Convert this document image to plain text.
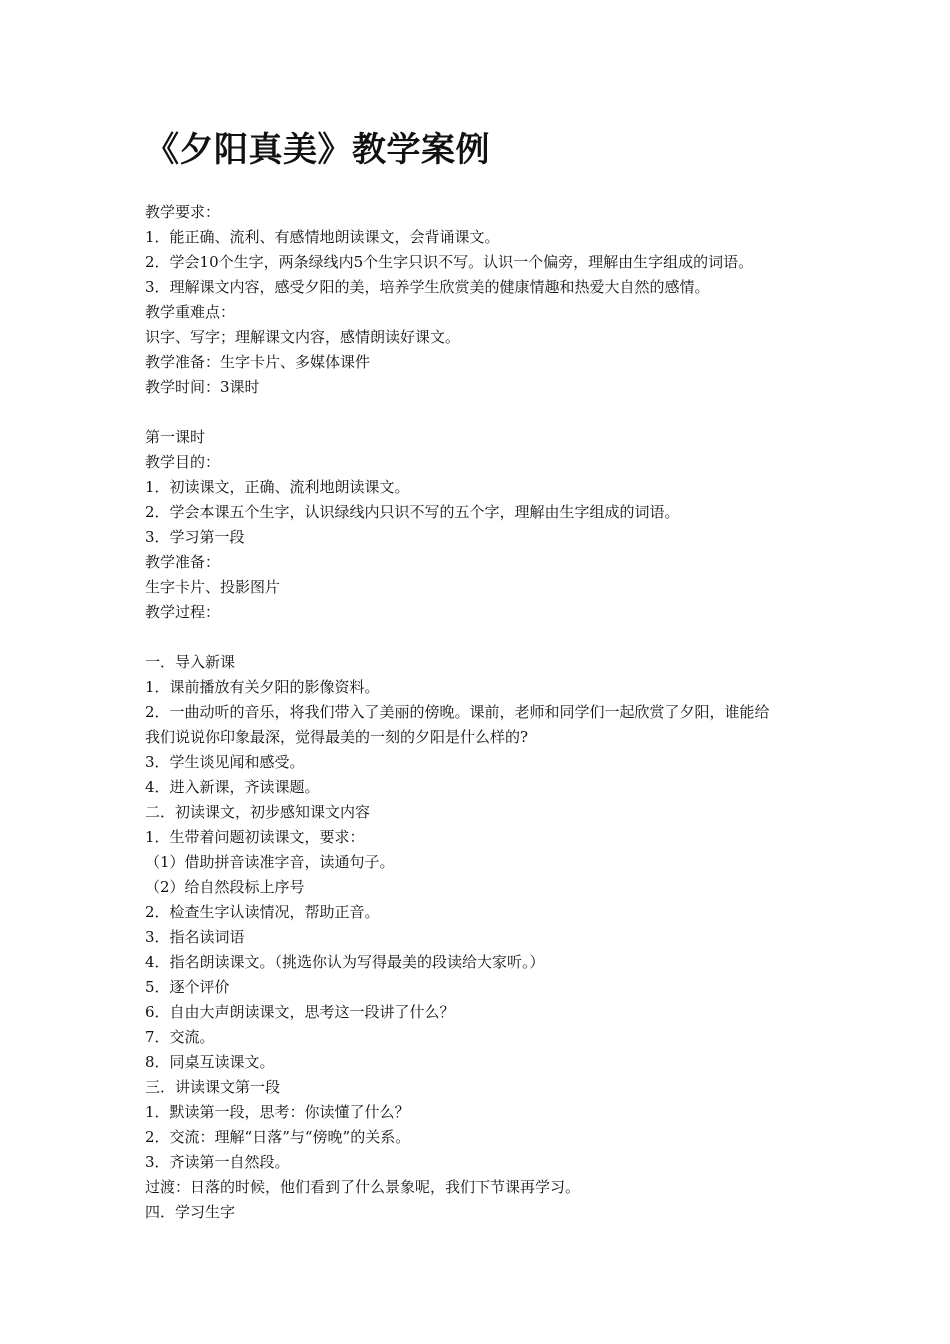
《夕阳真美》教学案例
教学要求：
1．能正确、流利、有感情地朗读课文，会背诵课文。
2．学会10个生字，两条绿线内5个生字只识不写。认识一个偏旁，理解由生字组成的词语。
3．理解课文内容，感受夕阳的美，培养学生欣赏美的健康情趣和热爱大自然的感情。
教学重难点：
识字、写字；理解课文内容，感情朗读好课文。
教学准备：生字卡片、多媒体课件
教学时间：3课时
第一课时
教学目的：
1．初读课文，正确、流利地朗读课文。
2．学会本课五个生字，认识绿线内只识不写的五个字，理解由生字组成的词语。
3．学习第一段
教学准备：
生字卡片、投影图片
教学过程：
一．导入新课
1．课前播放有关夕阳的影像资料。
2．一曲动听的音乐，将我们带入了美丽的傍晚。课前，老师和同学们一起欣赏了夕阳，谁能给
我们说说你印象最深，觉得最美的一刻的夕阳是什么样的?
3．学生谈见闻和感受。
4．进入新课，齐读课题。
二．初读课文，初步感知课文内容
1．生带着问题初读课文，要求：
（1）借助拼音读准字音，读通句子。
（2）给自然段标上序号
2．检查生字认读情况，帮助正音。
3．指名读词语
4．指名朗读课文。（挑选你认为写得最美的段读给大家听。）
5．逐个评价
6．自由大声朗读课文，思考这一段讲了什么？
7．交流。
8．同桌互读课文。
三．讲读课文第一段
1．默读第一段，思考：你读懂了什么？
2．交流：理解“日落”与“傍晚”的关系。
3．齐读第一自然段。
过渡：日落的时候，他们看到了什么景象呢，我们下节课再学习。
四．学习生字
